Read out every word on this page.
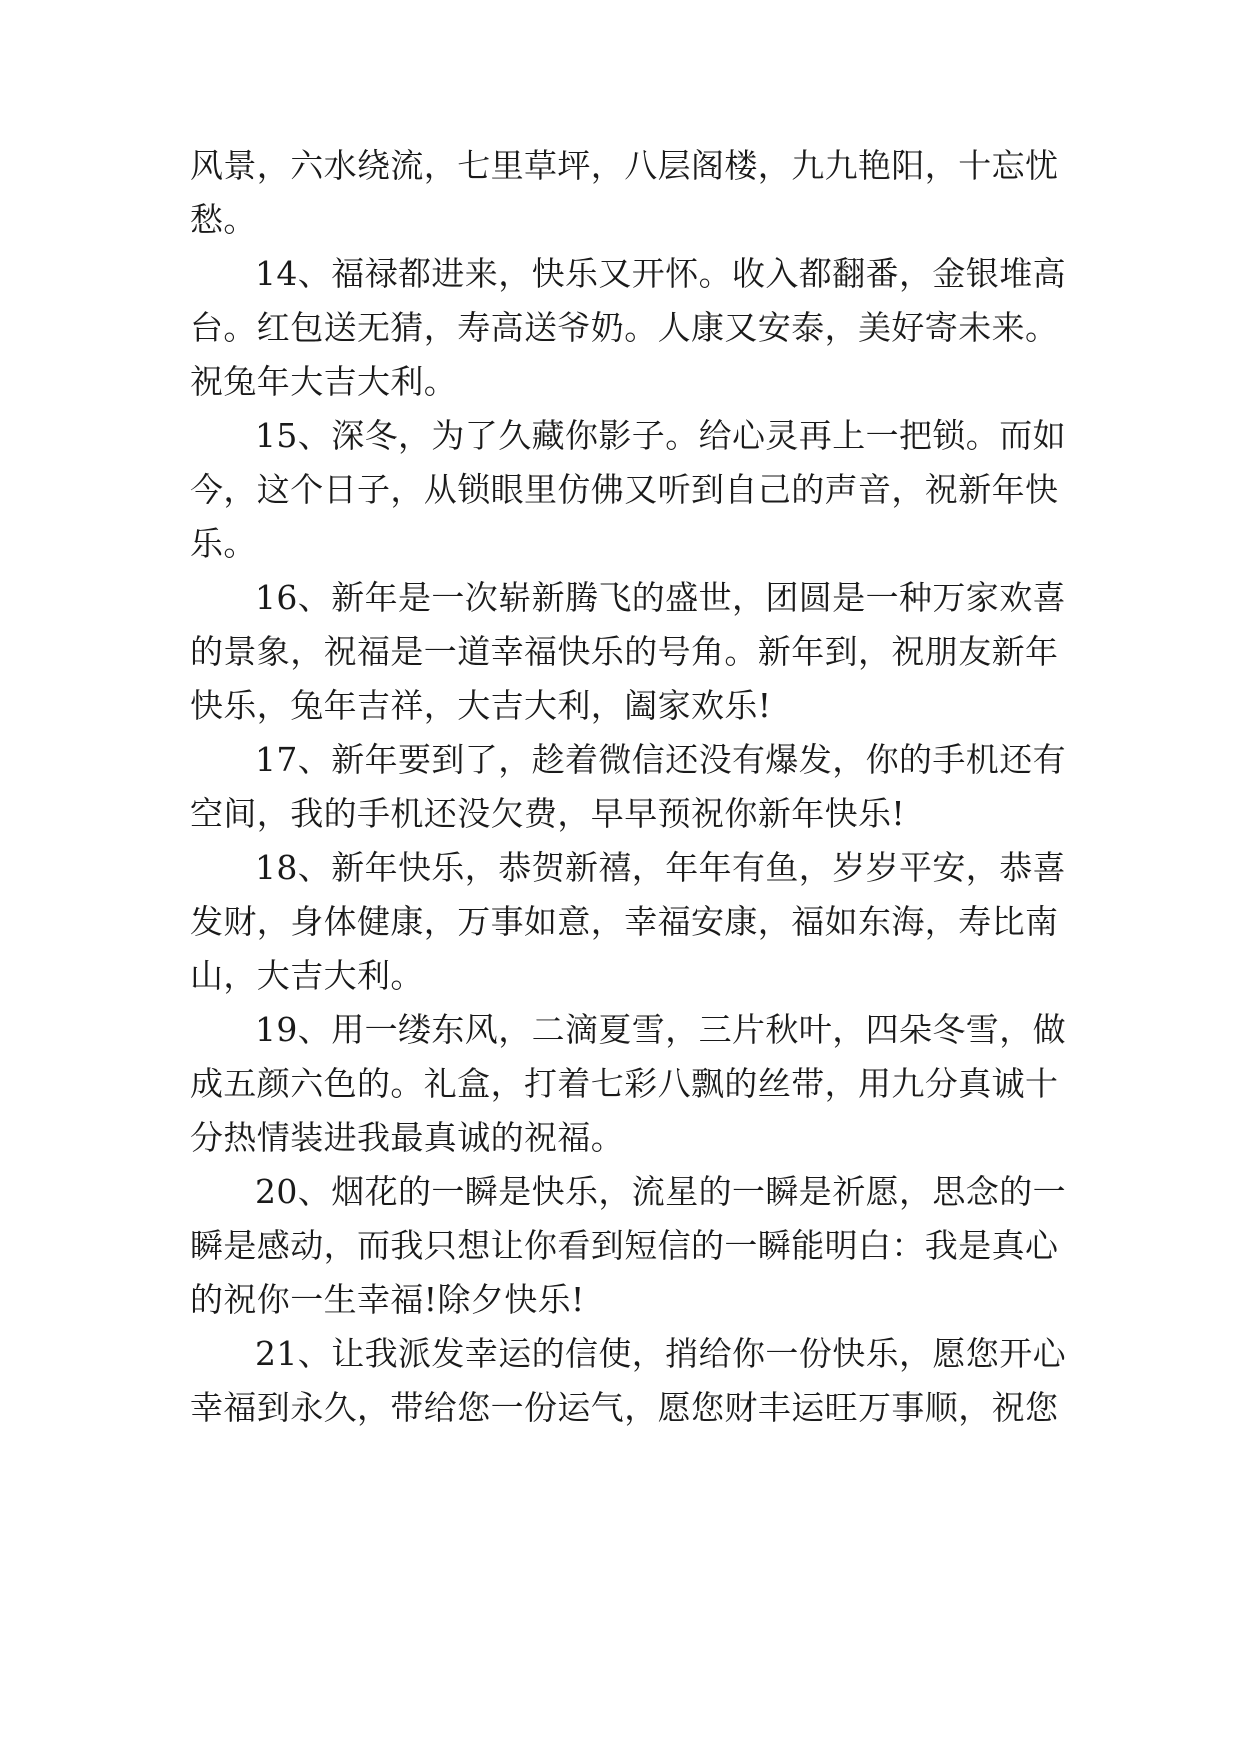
风景，六水绕流，七里草坪，八层阁楼，九九艳阳，十忘忧
愁。
14、福禄都进来，快乐又开怀。收入都翻番，金银堆高
台。红包送无猜，寿高送爷奶。人康又安泰，美好寄未来。
祝兔年大吉大利。
15、深冬，为了久藏你影子。给心灵再上一把锁。而如
今，这个日子，从锁眼里仿佛又听到自己的声音，祝新年快
乐。
16、新年是一次崭新腾飞的盛世，团圆是一种万家欢喜
的景象，祝福是一道幸福快乐的号角。新年到，祝朋友新年
快乐，兔年吉祥，大吉大利，阖家欢乐!
17、新年要到了，趁着微信还没有爆发，你的手机还有
空间，我的手机还没欠费，早早预祝你新年快乐!
18、新年快乐，恭贺新禧，年年有鱼，岁岁平安，恭喜
发财，身体健康，万事如意，幸福安康，福如东海，寿比南
山，大吉大利。
19、用一缕东风，二滴夏雪，三片秋叶，四朵冬雪，做
成五颜六色的。礼盒，打着七彩八飘的丝带，用九分真诚十
分热情装进我最真诚的祝福。
20、烟花的一瞬是快乐，流星的一瞬是祈愿，思念的一
瞬是感动，而我只想让你看到短信的一瞬能明白：我是真心
的祝你一生幸福!除夕快乐!
21、让我派发幸运的信使，捎给你一份快乐，愿您开心
幸福到永久，带给您一份运气，愿您财丰运旺万事顺，祝您
